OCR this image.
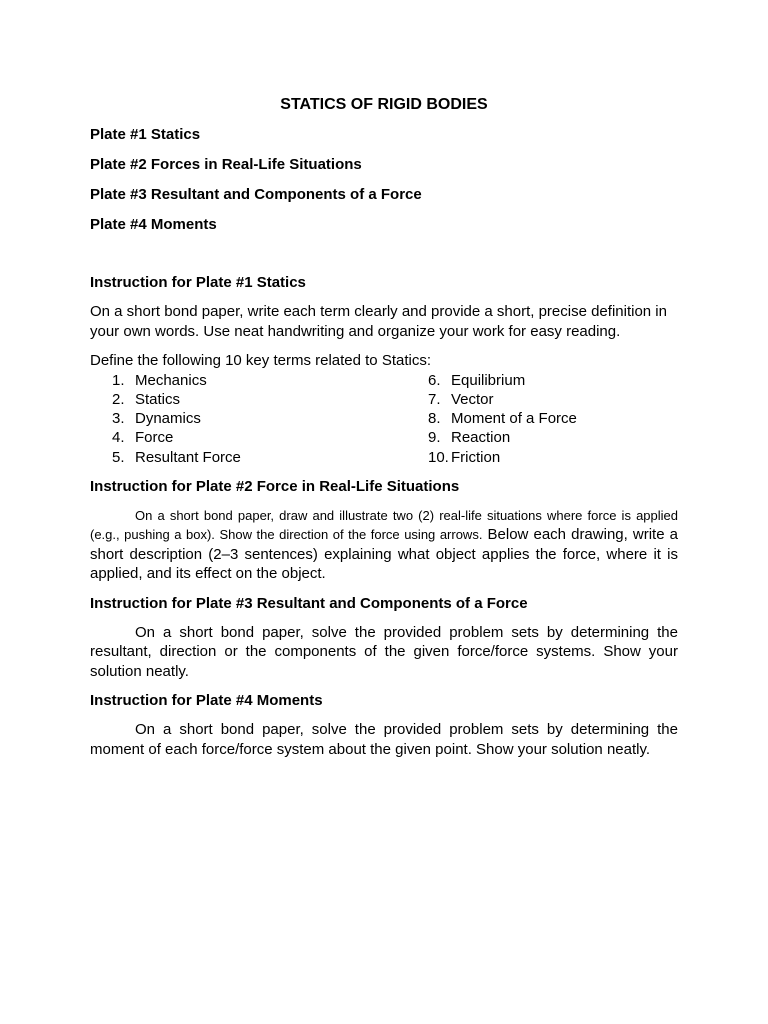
STATICS OF RIGID BODIES
Plate #1 Statics
Plate #2 Forces in Real-Life Situations
Plate #3 Resultant and Components of a Force
Plate #4 Moments
Instruction for Plate #1 Statics
On a short bond paper, write each term clearly and provide a short, precise definition in your own words. Use neat handwriting and organize your work for easy reading.
Define the following 10 key terms related to Statics:
1. Mechanics
2. Statics
3. Dynamics
4. Force
5. Resultant Force
6. Equilibrium
7. Vector
8. Moment of a Force
9. Reaction
10. Friction
Instruction for Plate #2 Force in Real-Life Situations
On a short bond paper, draw and illustrate two (2) real-life situations where force is applied (e.g., pushing a box). Show the direction of the force using arrows. Below each drawing, write a short description (2–3 sentences) explaining what object applies the force, where it is applied, and its effect on the object.
Instruction for Plate #3 Resultant and Components of a Force
On a short bond paper, solve the provided problem sets by determining the resultant, direction or the components of the given force/force systems. Show your solution neatly.
Instruction for Plate #4 Moments
On a short bond paper, solve the provided problem sets by determining the moment of each force/force system about the given point. Show your solution neatly.
